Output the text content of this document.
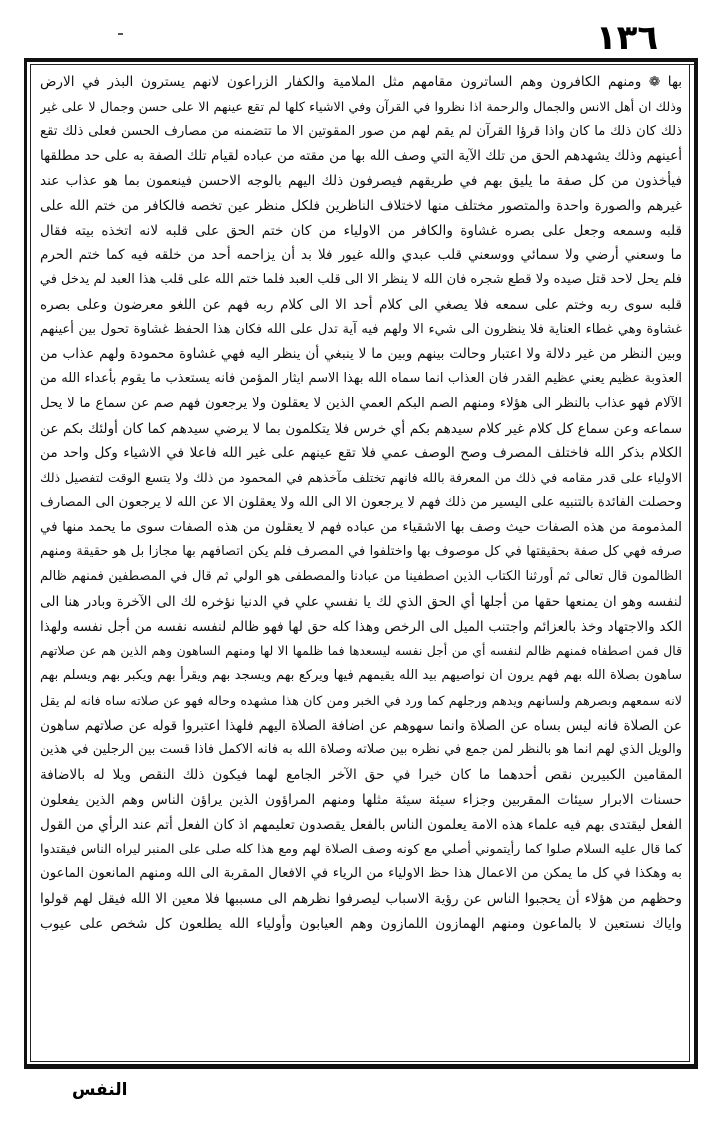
١٣٦
بها ❁ ومنهم الكافرون وهم الساترون مقامهم مثل الملامية والكفار الزراعون لانهم يسترون البذر في الارض
وذلك ان أهل الانس والجمال والرحمة اذا نظروا في القرآن وفي الاشياء كلها لم تقع عينهم الا على حسن وجمال لا على غير
ذلك كان ذلك ما كان واذا قرؤا القرآن لم يقم لهم من صور المقوتين الا ما تتضمنه من مصارف الحسن فعلى ذلك تقع
أعينهم وذلك يشهدهم الحق من تلك الآية التي وصف الله بها من مقته من عباده لقيام تلك الصفة به على حد مطلقها
فيأخذون من كل صفة ما يليق بهم في طريقهم فيصرفون ذلك اليهم بالوجه الاحسن فينعمون بما هو عذاب عند
غيرهم والصورة واحدة والمتصور مختلف منها لاختلاف الناظرين فلكل منظر عين تخصه فالكافر من ختم الله على
قلبه وسمعه وجعل على بصره غشاوة والكافر من الاولياء من كان ختم الحق على قلبه لانه اتخذه بيته فقال
ما وسعني أرضي ولا سمائي ووسعني قلب عبدي والله غيور فلا بد أن يزاحمه أحد من خلقه فيه كما ختم الحرم
فلم يحل لاحد قتل صيده ولا قطع شجره فان الله لا ينظر الا الى قلب العبد فلما ختم الله على قلب هذا العبد لم يدخل في
قلبه سوى ربه وختم على سمعه فلا يصغي الى كلام أحد الا الى كلام ربه فهم عن اللغو معرضون وعلى بصره
غشاوة وهي غطاء العناية فلا ينظرون الى شيء الا ولهم فيه آية تدل على الله فكان هذا الحفظ غشاوة تحول بين أعينهم
وبين النظر من غير دلالة ولا اعتبار وحالت بينهم وبين ما لا ينبغي أن ينظر اليه فهي غشاوة محمودة ولهم عذاب من
العذوبة عظيم يعني عظيم القدر فان العذاب انما سماه الله بهذا الاسم ايثار المؤمن فانه يستعذب ما يقوم بأعداء الله من
الآلام فهو عذاب بالنظر الى هؤلاء ومنهم الصم البكم العمي الذين لا يعقلون ولا يرجعون فهم صم عن سماع ما لا يحل
سماعه وعن سماع كل كلام غير كلام سيدهم بكم أي خرس فلا يتكلمون بما لا يرضي سيدهم كما كان أولئك بكم عن
الكلام بذكر الله فاختلف المصرف وصح الوصف عمي فلا تقع عينهم على غير الله فاعلا في الاشياء وكل واحد من
الاولياء على قدر مقامه في ذلك من المعرفة بالله فانهم تختلف مآخذهم في المحمود من ذلك ولا يتسع الوقت لتفصيل ذلك
وحصلت الفائدة بالتنبيه على اليسير من ذلك فهم لا يرجعون الا الى الله ولا يعقلون الا عن الله لا يرجعون الى المصارف
المذمومة من هذه الصفات حيث وصف بها الاشقياء من عباده فهم لا يعقلون من هذه الصفات سوى ما يحمد منها في
صرفه فهي كل صفة بحقيقتها في كل موصوف بها واختلفوا في المصرف فلم يكن اتصافهم بها مجازا بل هو حقيقة ومنهم
الظالمون قال تعالى ثم أورثنا الكتاب الذين اصطفينا من عبادنا والمصطفى هو الولي ثم قال في المصطفين فمنهم ظالم
لنفسه وهو ان يمنعها حقها من أجلها أي الحق الذي لك يا نفسي علي في الدنيا نؤخره لك الى الآخرة وبادر هنا الى
الكد والاجتهاد وخذ بالعزائم واجتنب الميل الى الرخص وهذا كله حق لها فهو ظالم لنفسه نفسه من أجل نفسه ولهذا
قال فمن اصطفاه فمنهم ظالم لنفسه أي من أجل نفسه ليسعدها فما ظلمها الا لها ومنهم الساهون وهم الذين هم عن صلاتهم
ساهون بصلاة الله بهم فهم يرون ان نواصيهم بيد الله يقيمهم فيها ويركع بهم ويسجد بهم ويقرأ بهم ويكبر بهم ويسلم بهم
لانه سمعهم وبصرهم ولسانهم ويدهم ورجلهم كما ورد في الخبر ومن كان هذا مشهده وحاله فهو عن صلاته ساه فانه لم يقل
عن الصلاة فانه ليس بساه عن الصلاة وانما سهوهم عن اضافة الصلاة اليهم فلهذا اعتبروا قوله عن صلاتهم ساهون
والويل الذي لهم انما هو بالنظر لمن جمع في نظره بين صلاته وصلاة الله به فانه الاكمل فاذا قست بين الرجلين في هذين
المقامين الكبيرين نقص أحدهما ما كان خيرا في حق الآخر الجامع لهما فيكون ذلك النقص ويلا له بالاضافة
حسنات الابرار سيئات المقربين وجزاء سيئة سيئة مثلها ومنهم المراؤون الذين يراؤن الناس وهم الذين يفعلون
الفعل ليقتدى بهم فيه علماء هذه الامة يعلمون الناس بالفعل يقصدون تعليمهم اذ كان الفعل أتم عند الرأي من القول
كما قال عليه السلام صلوا كما رأيتموني أصلي مع كونه وصف الصلاة لهم ومع هذا كله صلى على المنبر ليراه الناس فيقتدوا
به وهكذا في كل ما يمكن من الاعمال هذا حظ الاولياء من الرياء في الافعال المقربة الى الله ومنهم المانعون الماعون
وحظهم من هؤلاء أن يحجبوا الناس عن رؤية الاسباب ليصرفوا نظرهم الى مسببها فلا معين الا الله فيقل لهم قولوا
واياك نستعين لا بالماعون ومنهم الهمازون اللمازون وهم العيابون وأولياء الله يطلعون كل شخص على عيوب
النفس
